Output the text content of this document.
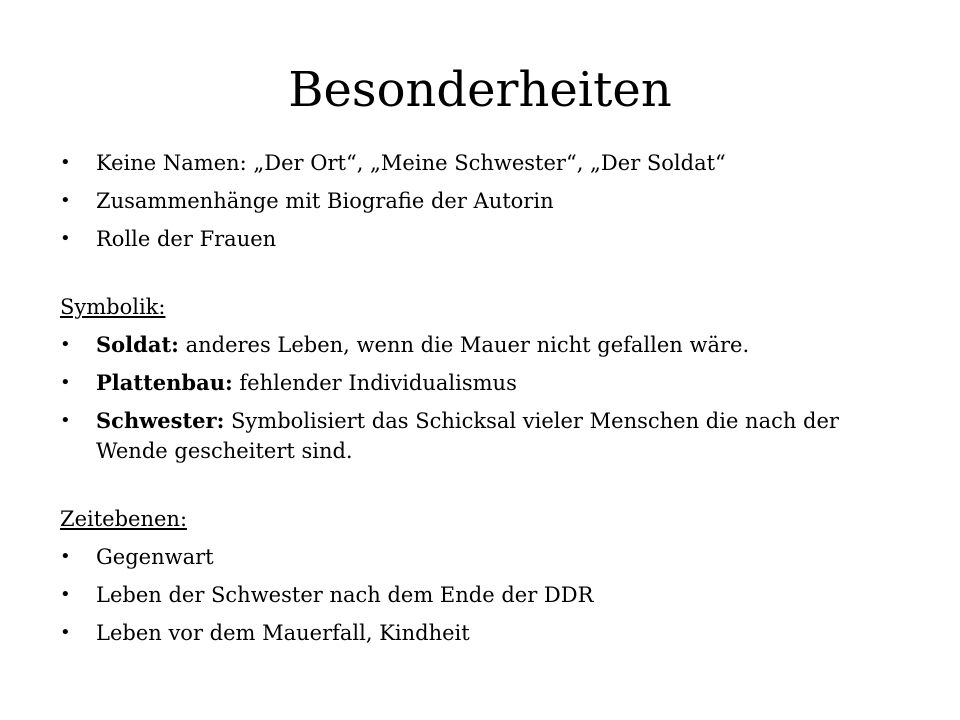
Besonderheiten
•	Keine Namen: „Der Ort“, „Meine Schwester“, „Der Soldat“
•	Zusammenhänge mit Biografie der Autorin
•	Rolle der Frauen
Symbolik:
•	Soldat: anderes Leben, wenn die Mauer nicht gefallen wäre.
•	Plattenbau: fehlender Individualismus
•	Schwester: Symbolisiert das Schicksal vieler Menschen die nach der Wende gescheitert sind.
Zeitebenen:
•	Gegenwart
•	Leben der Schwester nach dem Ende der DDR
•	Leben vor dem Mauerfall, Kindheit
